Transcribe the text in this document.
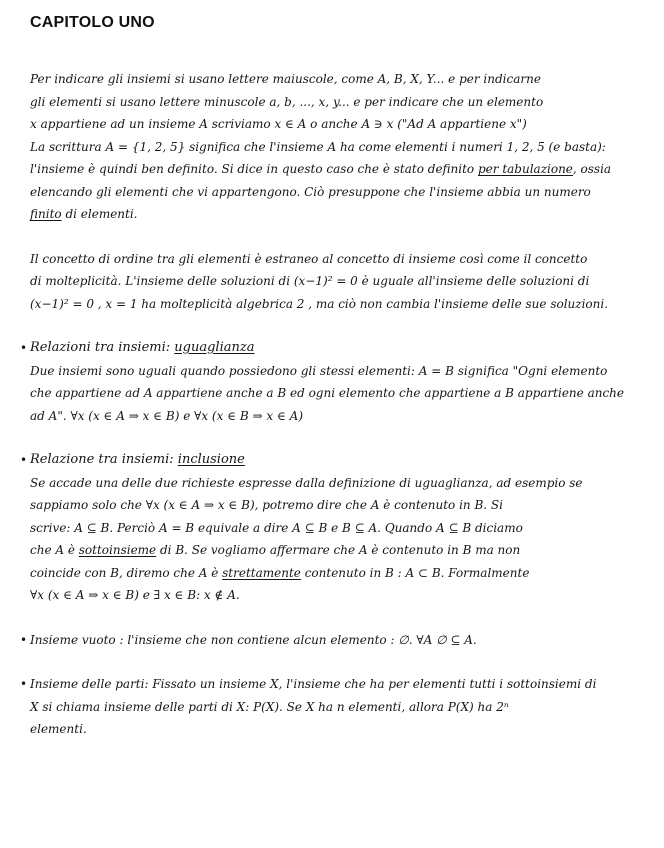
CAPITOLO UNO
Per indicare gli insiemi si usano lettere maiuscole, come A, B, X, Y... e per indicarne
gli elementi si usano lettere minuscole a, b, ..., x, y... e per indicare che un elemento
x appartiene ad un insieme A scriviamo x ∈ A o anche A ∋ x ("Ad A appartiene x")
La scrittura A = {1, 2, 5} significa che l'insieme A ha come elementi i numeri 1, 2, 5 (e basta):
l'insieme è quindi ben definito. Si dice in questo caso che è stato definito per tabulazione, ossia
elencando gli elementi che vi appartengono. Ciò presuppone che l'insieme abbia un numero
finito di elementi.
Il concetto di ordine tra gli elementi è estraneo al concetto di insieme così come il concetto
di molteplicità. L'insieme delle soluzioni di (x−1)² = 0 è uguale all'insieme delle soluzioni di
(x−1)² = 0 , x = 1 ha molteplicità algebrica 2 , ma ciò non cambia l'insieme delle sue soluzioni.
• Relazioni tra insiemi: uguaglianza
Due insiemi sono uguali quando possiedono gli stessi elementi: A = B significa "Ogni elemento
che appartiene ad A appartiene anche a B ed ogni elemento che appartiene a B appartiene anche
ad A". ∀x (x ∈ A ⇒ x ∈ B) e ∀x (x ∈ B ⇒ x ∈ A)
• Relazione tra insiemi: inclusione
Se accade una delle due richieste espresse dalla definizione di uguaglianza, ad esempio se
sappiamo solo che ∀x (x ∈ A ⇒ x ∈ B), potremo dire che A è contenuto in B. Si
scrive: A ⊆ B. Perciò A = B equivale a dire A ⊆ B e B ⊆ A. Quando A ⊆ B diciamo
che A è sottoinsieme di B. Se vogliamo affermare che A è contenuto in B ma non
coincide con B, diremo che A è strettamente contenuto in B : A ⊂ B. Formalmente
∀x (x ∈ A ⇒ x ∈ B) e ∃ x ∈ B: x ∉ A.
• Insieme vuoto : l'insieme che non contiene alcun elemento : ∅. ∀A ∅ ⊆ A.
• Insieme delle parti: Fissato un insieme X, l'insieme che ha per elementi tutti i sottoinsiemi di
X si chiama insieme delle parti di X: P(X). Se X ha n elementi, allora P(X) ha 2ⁿ
elementi.
